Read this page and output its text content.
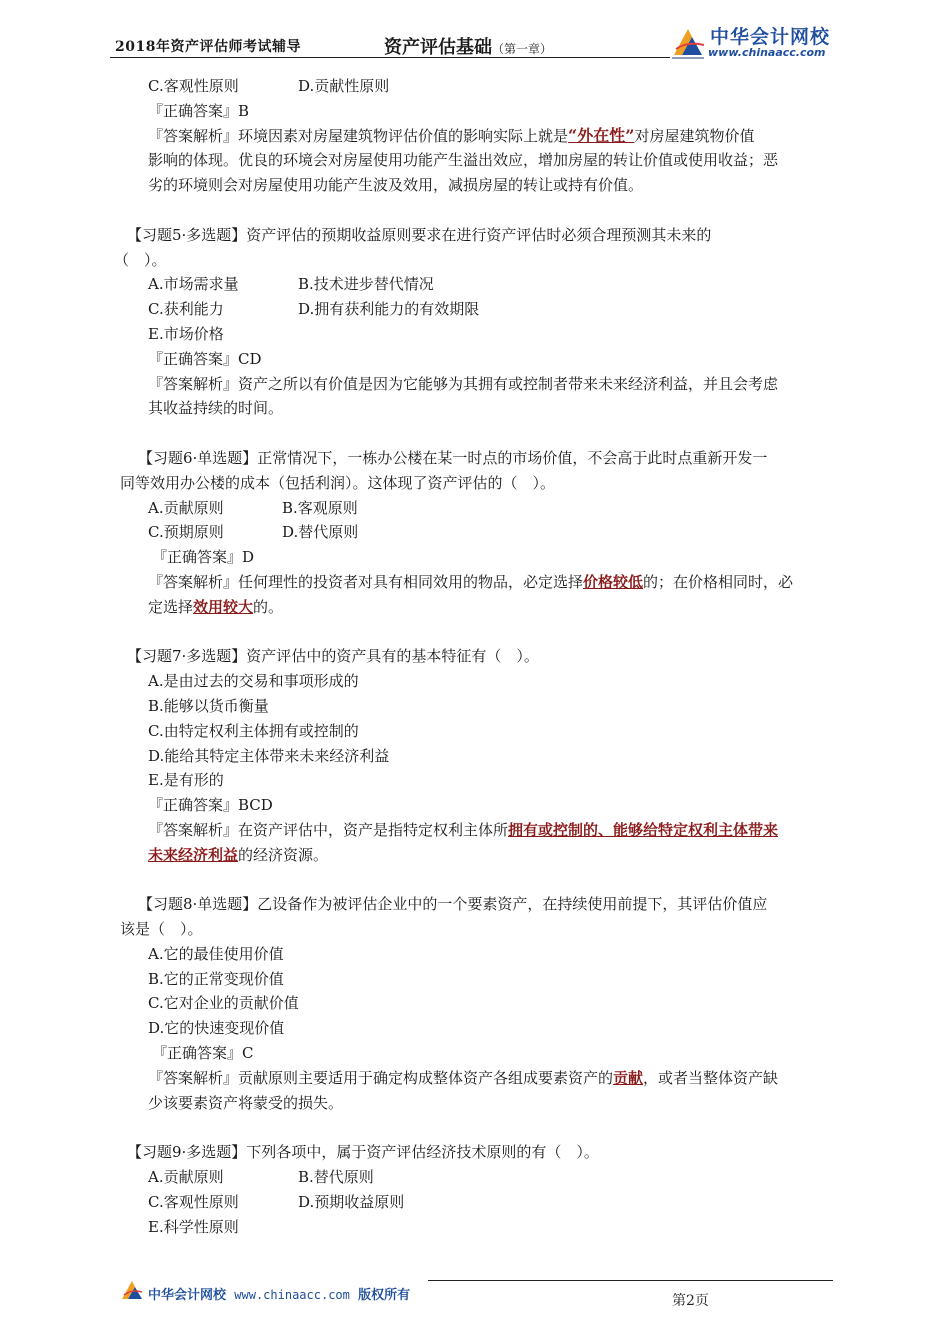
2018年资产评估师考试辅导	资产评估基础（第一章）
中华会计网校
www.chinaacc.com
C.客观性原则	D.贡献性原则
『正确答案』B
『答案解析』环境因素对房屋建筑物评估价值的影响实际上就是“外在性”对房屋建筑物价值
影响的体现。优良的环境会对房屋使用功能产生溢出效应，增加房屋的转让价值或使用收益；恶
劣的环境则会对房屋使用功能产生波及效用，减损房屋的转让或持有价值。
【习题5·多选题】资产评估的预期收益原则要求在进行资产评估时必须合理预测其未来的
（　）。
A.市场需求量	B.技术进步替代情况
C.获利能力	D.拥有获利能力的有效期限
E.市场价格
『正确答案』CD
『答案解析』资产之所以有价值是因为它能够为其拥有或控制者带来未来经济利益，并且会考虑
其收益持续的时间。
【习题6·单选题】正常情况下，一栋办公楼在某一时点的市场价值，不会高于此时点重新开发一
同等效用办公楼的成本（包括利润）。这体现了资产评估的（　）。
A.贡献原则	B.客观原则
C.预期原则	D.替代原则
『正确答案』D
『答案解析』任何理性的投资者对具有相同效用的物品，必定选择价格较低的；在价格相同时，必
定选择效用较大的。
【习题7·多选题】资产评估中的资产具有的基本特征有（　）。
A.是由过去的交易和事项形成的
B.能够以货币衡量
C.由特定权利主体拥有或控制的
D.能给其特定主体带来未来经济利益
E.是有形的
『正确答案』BCD
『答案解析』在资产评估中，资产是指特定权利主体所拥有或控制的、能够给特定权利主体带来
未来经济利益的经济资源。
【习题8·单选题】乙设备作为被评估企业中的一个要素资产，在持续使用前提下，其评估价值应
该是（　）。
A.它的最佳使用价值
B.它的正常变现价值
C.它对企业的贡献价值
D.它的快速变现价值
『正确答案』C
『答案解析』贡献原则主要适用于确定构成整体资产各组成要素资产的贡献，或者当整体资产缺
少该要素资产将蒙受的损失。
【习题9·多选题】下列各项中，属于资产评估经济技术原则的有（　）。
A.贡献原则	B.替代原则
C.客观性原则	D.预期收益原则
E.科学性原则
中华会计网校 www.chinaacc.com 版权所有	第2页
